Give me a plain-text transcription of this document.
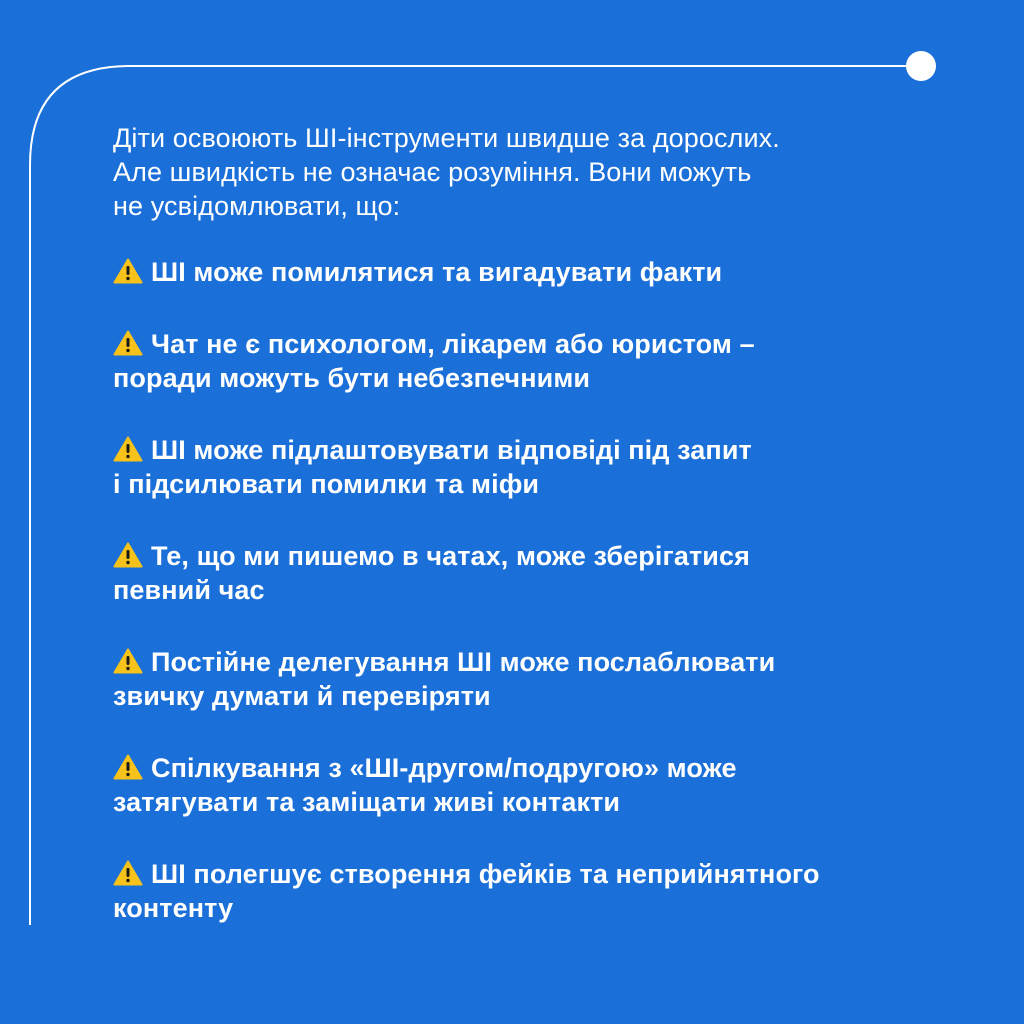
Діти освоюють ШІ-інструменти швидше за дорослих.
Але швидкість не означає розуміння. Вони можуть
не усвідомлювати, що:

ШІ може помилятися та вигадувати факти
Чат не є психологом, лікарем або юристом –
поради можуть бути небезпечними
ШІ може підлаштовувати відповіді під запит
і підсилювати помилки та міфи
Те, що ми пишемо в чатах, може зберігатися
певний час
Постійне делегування ШІ може послаблювати
звичку думати й перевіряти
Спілкування з «ШІ-другом/подругою» може
затягувати та заміщати живі контакти
ШІ полегшує створення фейків та неприйнятного
контенту
